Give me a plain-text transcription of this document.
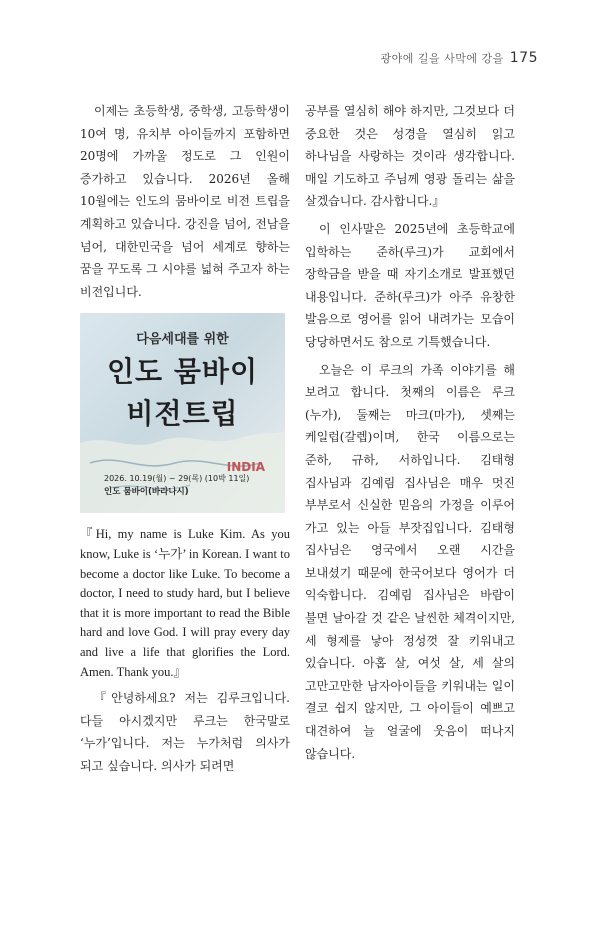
광야에 길을 사막에 강을 175

이제는 초등학생, 중학생, 고등학생이 10여 명, 유치부 아이들까지 포함하면 20명에 가까울 정도로 그 인원이 증가하고 있습니다. 2026년 올해 10월에는 인도의 뭄바이로 비전 트립을 계획하고 있습니다. 강진을 넘어, 전남을 넘어, 대한민국을 넘어 세계로 향하는 꿈을 꾸도록 그 시야를 넓혀 주고자 하는 비전입니다.

다음세대를 위한
인도 뭄바이
비전트립
INDIA
2026. 10.19(월) ~ 29(목) (10박 11일)
인도 뭄바이(바라나시)

『Hi, my name is Luke Kim. As you know, Luke is ‘누가’ in Korean. I want to become a doctor like Luke. To become a doctor, I need to study hard, but I believe that it is more important to read the Bible hard and love God. I will pray every day and live a life that glorifies the Lord. Amen. Thank you.』

『안녕하세요? 저는 김루크입니다. 다들 아시겠지만 루크는 한국말로 ‘누가’입니다. 저는 누가처럼 의사가 되고 싶습니다. 의사가 되려면

공부를 열심히 해야 하지만, 그것보다 더 중요한 것은 성경을 열심히 읽고 하나님을 사랑하는 것이라 생각합니다. 매일 기도하고 주님께 영광 돌리는 삶을 살겠습니다. 감사합니다.』

이 인사말은 2025년에 초등학교에 입학하는 준하(루크)가 교회에서 장학금을 받을 때 자기소개로 발표했던 내용입니다. 준하(루크)가 아주 유창한 발음으로 영어를 읽어 내려가는 모습이 당당하면서도 참으로 기특했습니다.

오늘은 이 루크의 가족 이야기를 해 보려고 합니다. 첫째의 이름은 루크(누가), 둘째는 마크(마가), 셋째는 케일럽(갈렙)이며, 한국 이름으로는 준하, 규하, 서하입니다. 김태형 집사님과 김예림 집사님은 매우 멋진 부부로서 신실한 믿음의 가정을 이루어 가고 있는 아들 부잣집입니다. 김태형 집사님은 영국에서 오랜 시간을 보내셨기 때문에 한국어보다 영어가 더 익숙합니다. 김예림 집사님은 바람이 불면 날아갈 것 같은 날씬한 체격이지만, 세 형제를 낳아 정성껏 잘 키워내고 있습니다. 아홉 살, 여섯 살, 세 살의 고만고만한 남자아이들을 키워내는 일이 결코 쉽지 않지만, 그 아이들이 예쁘고 대견하여 늘 얼굴에 웃음이 떠나지 않습니다.
